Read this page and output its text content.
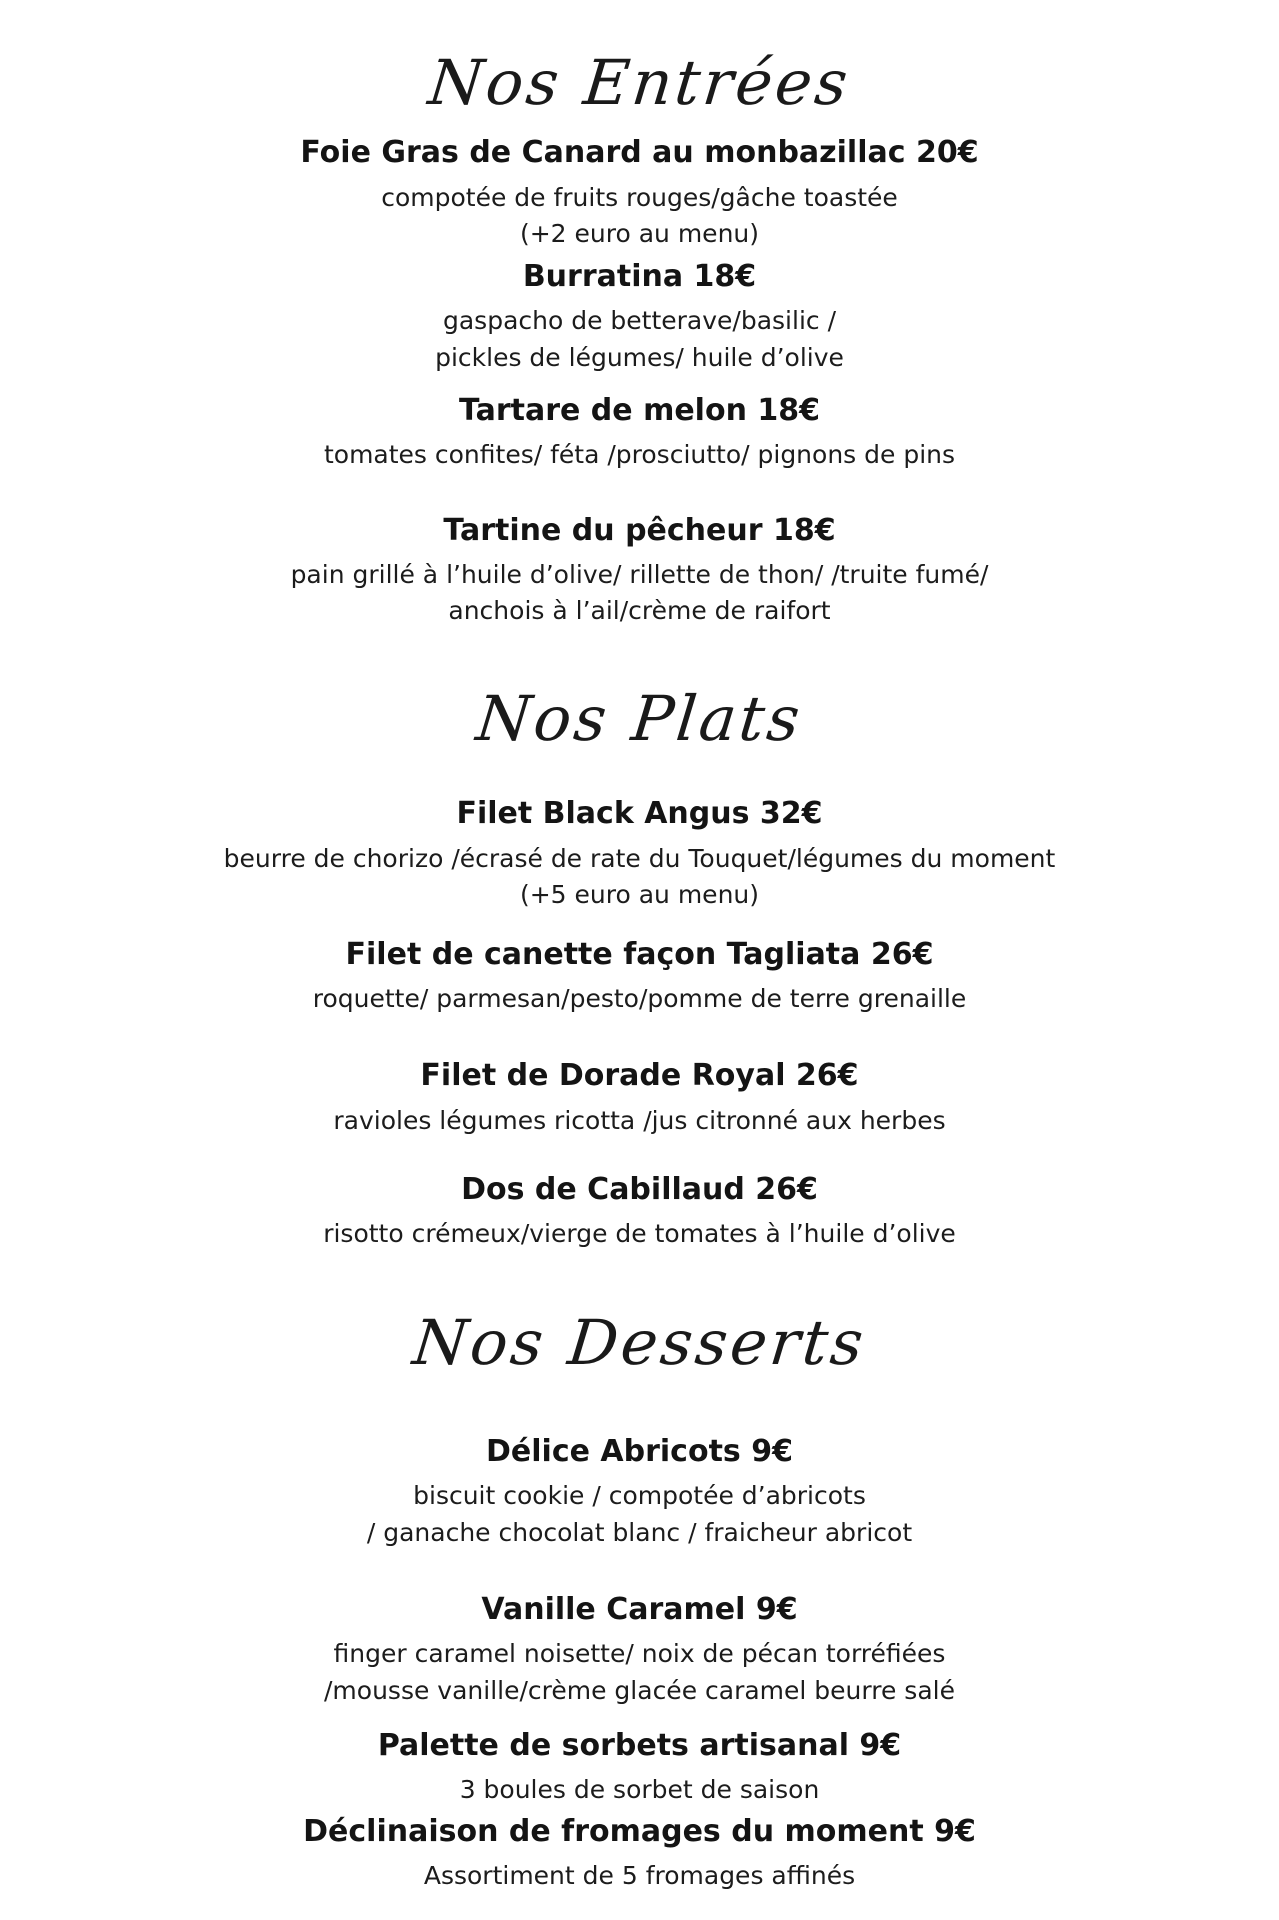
Nos Entrées
Foie Gras de Canard au monbazillac 20€
compotée de fruits rouges/gâche toastée
(+2 euro au menu)
Burratina 18€
gaspacho de betterave/basilic /
pickles de légumes/ huile d’olive
Tartare de melon 18€
tomates confites/ féta /prosciutto/ pignons de pins
Tartine du pêcheur 18€
pain grillé à l’huile d’olive/ rillette de thon/ /truite fumé/
anchois à l’ail/crème de raifort
Nos Plats
Filet Black Angus 32€
beurre de chorizo /écrasé de rate du Touquet/légumes du moment
(+5 euro au menu)
Filet de canette façon Tagliata 26€
roquette/ parmesan/pesto/pomme de terre grenaille
Filet de Dorade Royal 26€
ravioles légumes ricotta /jus citronné aux herbes
Dos de Cabillaud 26€
risotto crémeux/vierge de tomates à l’huile d’olive
Nos Desserts
Délice Abricots 9€
biscuit cookie / compotée d’abricots
/ ganache chocolat blanc / fraicheur abricot
Vanille Caramel 9€
finger caramel noisette/ noix de pécan torréfiées
/mousse vanille/crème glacée caramel beurre salé
Palette de sorbets artisanal 9€
3 boules de sorbet de saison
Déclinaison de fromages du moment 9€
Assortiment de 5 fromages affinés
